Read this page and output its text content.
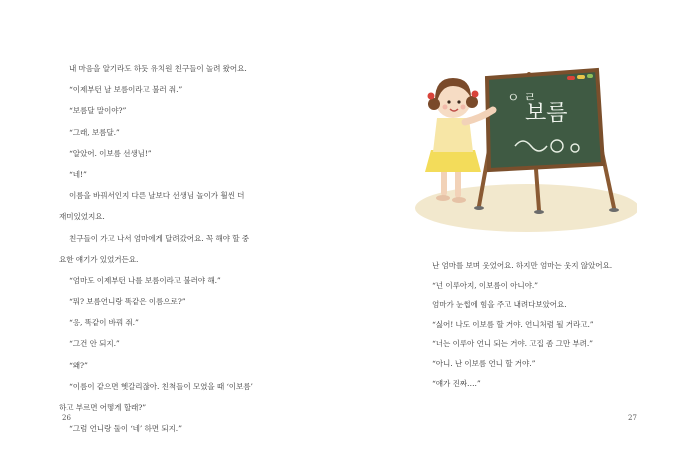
내 마음을 알기라도 하듯 유치원 친구들이 놀려 왔어요.
“이제부턴 날 보름이라고 불러 줘.”
“보름달 말이야?”
“그래, 보름달.”
“알았어. 이보름 선생님!”
“네!”
이름을 바꿔서인지 다른 날보다 선생님 놀이가 훨씬 더
재미있었지요.
친구들이 가고 나서 엄마에게 달려갔어요. 꼭 해야 할 중
요한 얘기가 있었거든요.
“엄마도 이제부턴 나를 보름이라고 불러야 해.”
“뭐? 보름언니랑 똑같은 이름으로?”
“응, 똑같이 바꿔 줘.”
“그건 안 되지.”
“왜?”
“이름이 같으면 헷갈리잖아. 친척들이 모였을 때 ‘이보름’
하고 부르면 어떻게 할래?”
“그럼 언니랑 둘이 ‘네’ 하면 되지.”
26
ㅇ ㄹ
보름
난 엄마를 보며 웃었어요. 하지만 엄마는 웃지 않았어요.
“넌 이루아지, 이보름이 아니야.”
엄마가 눈썹에 힘을 주고 내려다보았어요.
“싫어! 나도 이보름 할 거야. 언니처럼 될 거라고.”
“너는 이루아 언니 되는 거야. 고집 좀 그만 부려.”
“아니. 난 이보름 언니 할 거야.”
“얘가 진짜….”
27
